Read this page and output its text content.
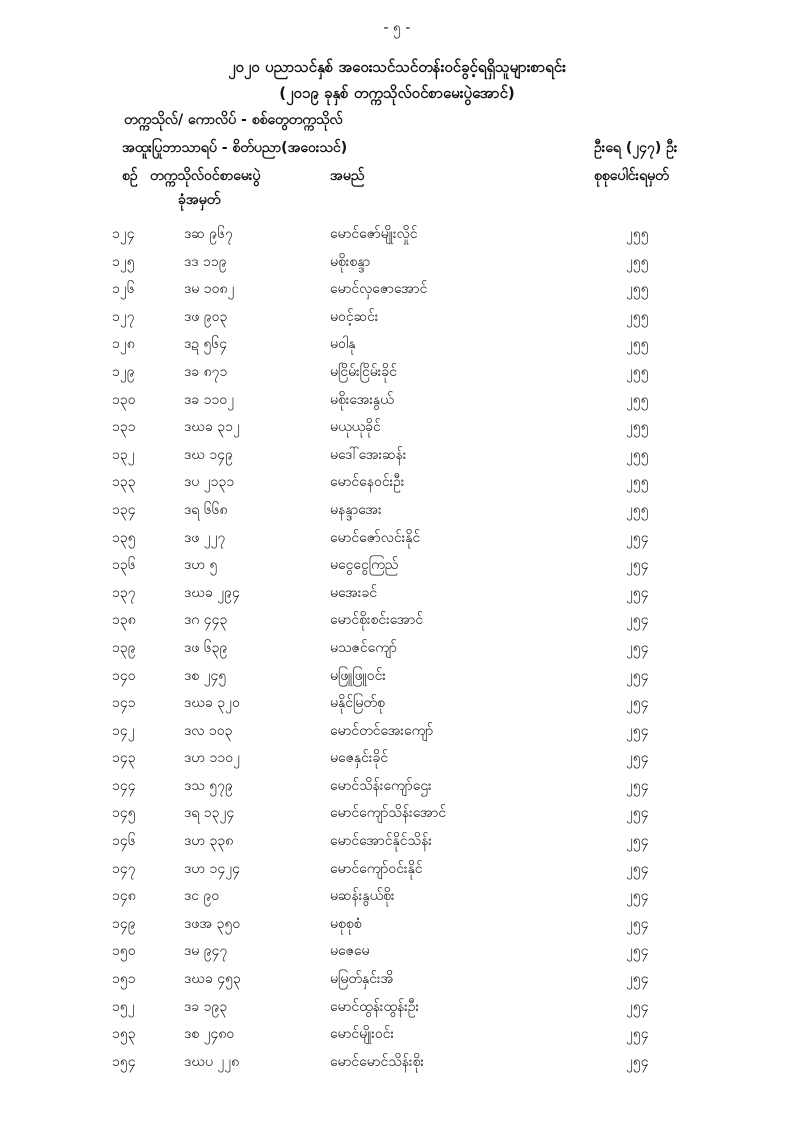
- ၅ -
၂၀၂၀ ပညာသင်နှစ် အဝေးသင်သင်တန်းဝင်ခွင့်ရရှိသူများစာရင်း
(၂၀၁၉ ခုနှစ် တက္ကသိုလ်ဝင်စာမေးပွဲအောင်)
တက္ကသိုလ်/ ကောလိပ် - စစ်တွေတက္ကသိုလ်
အထူးပြုဘာသာရပ် - စိတ်ပညာ(အဝေးသင်)	ဦးရေ (၂၄၇) ဦး
စဉ် တက္ကသိုလ်ဝင်စာမေးပွဲ
ခုံအမှတ်
အမည်	စုစုပေါင်းရမှတ်
၁၂၄	ဒဆ ၉၆၇	မောင်ဇော်မျိုးလှိုင်	၂၅၅
၁၂၅	ဒဒ ၁၁၉	မစိုးစန္ဒာ	၂၅၅
၁၂၆	ဒမ ၁၀၈၂	မောင်လှဇောအောင်	၂၅၅
၁၂၇	ဒဖ ၉၀၃	မဝင့်ဆင်း	၂၅၅
၁၂၈	ဒဍ ၅၆၄	မဝါနု	၂၅၅
၁၂၉	ဒခ ၈၇၁	မငြိမ်းငြိမ်းခိုင်	၂၅၅
၁၃၀	ဒခ ၁၁၀၂	မစိုးအေးနွယ်	၂၅၅
၁၃၁	ဒဃခ ၃၁၂	မယုယုခိုင်	၂၅၅
၁၃၂	ဒဃ ၁၄၉	မဒေါ်အေးဆန်း	၂၅၅
၁၃၃	ဒပ ၂၁၃၁	မောင်နေဝင်းဦး	၂၅၅
၁၃၄	ဒရ ၆၆၈	မနန္ဒာအေး	၂၅၅
၁၃၅	ဒဖ ၂၂၇	မောင်ဇော်လင်းနိုင်	၂၅၄
၁၃၆	ဒဟ ၅	မငွေငွေကြည်	၂၅၄
၁၃၇	ဒဃခ ၂၉၄	မအေးခင်	၂၅၄
၁၃၈	ဒဂ ၄၄၃	မောင်စိုးစင်းအောင်	၂၅၄
၁၃၉	ဒဖ ၆၃၉	မသဇင်ကျော်	၂၅၄
၁၄၀	ဒစ ၂၄၅	မဖြူဖြူဝင်း	၂၅၄
၁၄၁	ဒဃခ ၃၂၀	မနိုင်မြတ်စု	၂၅၄
၁၄၂	ဒလ ၁၀၃	မောင်တင်အေးကျော်	၂၅၄
၁၄၃	ဒဟ ၁၁၀၂	မဇေနှင်းခိုင်	၂၅၄
၁၄၄	ဒသ ၅၇၉	မောင်သိန်းကျော်ဌေး	၂၅၄
၁၄၅	ဒရ ၁၃၂၄	မောင်ကျော်သိန်းအောင်	၂၅၄
၁၄၆	ဒဟ ၃၃၈	မောင်အောင်နိုင်သိန်း	၂၅၄
၁၄၇	ဒဟ ၁၄၂၄	မောင်ကျော်ဝင်းနိုင်	၂၅၄
၁၄၈	ဒင ၉၀	မဆန်းနွယ်စိုး	၂၅၄
၁၄၉	ဒဖအ ၃၅၀	မစုစုစံ	၂၅၄
၁၅၀	ဒမ ၉၄၇	မဇေမေ	၂၅၄
၁၅၁	ဒဃခ ၄၅၃	မမြတ်နှင်းအိ	၂၅၄
၁၅၂	ဒခ ၁၉၃	မောင်ထွန်းထွန်းဦး	၂၅၄
၁၅၃	ဒစ ၂၄၈၀	မောင်မျိုးဝင်း	၂၅၄
၁၅၄	ဒဃပ ၂၂၈	မောင်မောင်သိန်းစိုး	၂၅၄
